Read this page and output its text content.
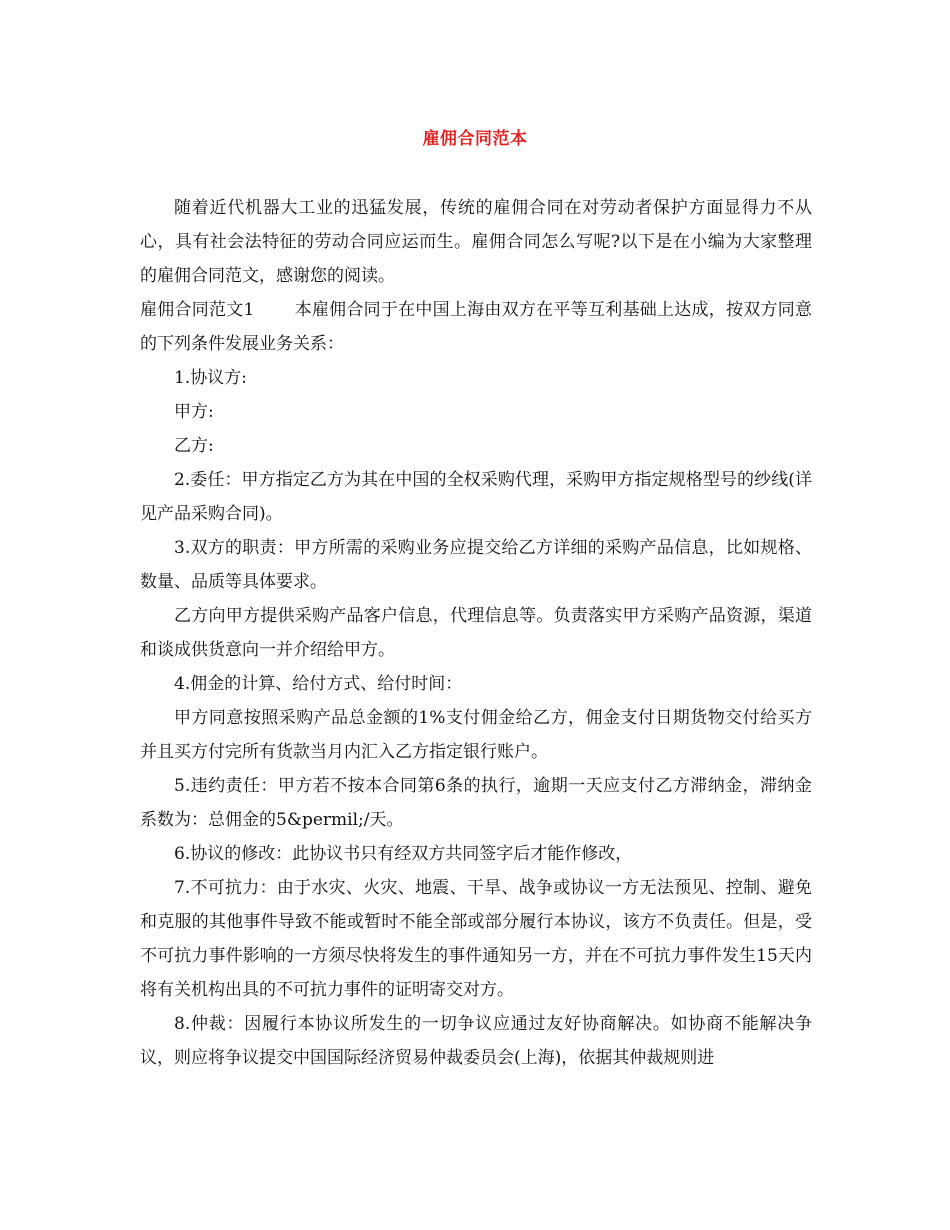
雇佣合同范本

随着近代机器大工业的迅猛发展，传统的雇佣合同在对劳动者保护方面显得力不从心，具有社会法特征的劳动合同应运而生。雇佣合同怎么写呢?以下是在小编为大家整理的雇佣合同范文，感谢您的阅读。

雇佣合同范文1 本雇佣合同于在中国上海由双方在平等互利基础上达成，按双方同意的下列条件发展业务关系：

1.协议方:

甲方:

乙方:

2.委任：甲方指定乙方为其在中国的全权采购代理，采购甲方指定规格型号的纱线(详见产品采购合同)。

3.双方的职责：甲方所需的采购业务应提交给乙方详细的采购产品信息，比如规格、数量、品质等具体要求。

乙方向甲方提供采购产品客户信息，代理信息等。负责落实甲方采购产品资源，渠道和谈成供货意向一并介绍给甲方。

4.佣金的计算、给付方式、给付时间：

甲方同意按照采购产品总金额的1%支付佣金给乙方，佣金支付日期货物交付给买方并且买方付完所有货款当月内汇入乙方指定银行账户。

5.违约责任：甲方若不按本合同第6条的执行，逾期一天应支付乙方滞纳金，滞纳金系数为：总佣金的5&permil;/天。

6.协议的修改：此协议书只有经双方共同签字后才能作修改，

7.不可抗力：由于水灾、火灾、地震、干旱、战争或协议一方无法预见、控制、避免和克服的其他事件导致不能或暂时不能全部或部分履行本协议，该方不负责任。但是，受不可抗力事件影响的一方须尽快将发生的事件通知另一方，并在不可抗力事件发生15天内将有关机构出具的不可抗力事件的证明寄交对方。

8.仲裁：因履行本协议所发生的一切争议应通过友好协商解决。如协商不能解决争议，则应将争议提交中国国际经济贸易仲裁委员会(上海)，依据其仲裁规则进
